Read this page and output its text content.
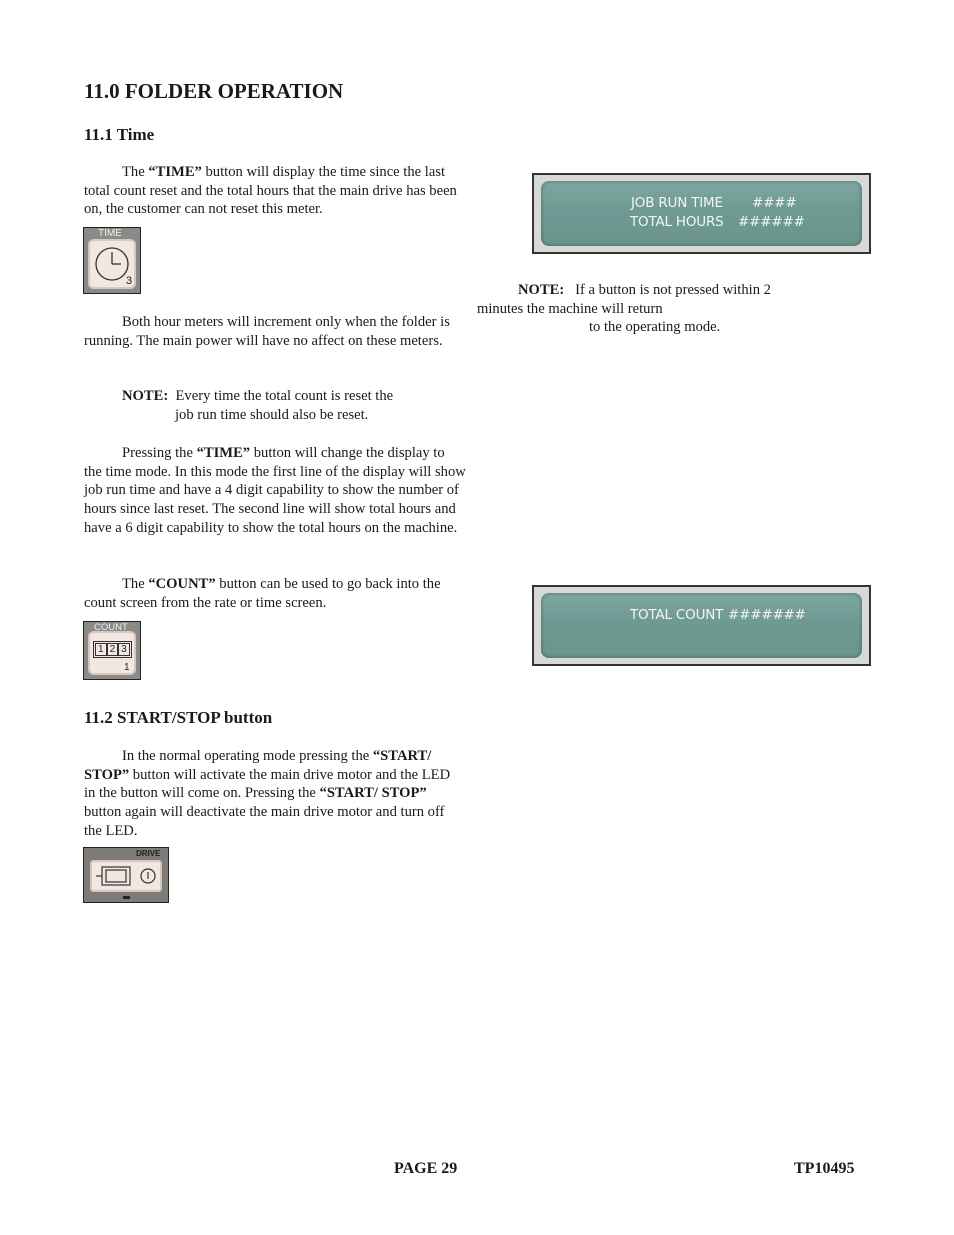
11.0 FOLDER OPERATION
11.1 Time

The “TIME” button will display the time since the last total count reset and the total hours that the main drive has been on, the customer can not reset this meter.

TIME
3

Both hour meters will increment only when the folder is running. The main power will have no affect on these meters.

NOTE: Every time the total count is reset the
job run time should also be reset.

Pressing the “TIME” button will change the display to the time mode. In this mode the first line of the display will show job run time and have a 4 digit capability to show the number of hours since last reset. The second line will show total hours and have a 6 digit capability to show the total hours on the machine.

The “COUNT” button can be used to go back into the count screen from the rate or time screen.

COUNT
1 2 3
1
11.2 START/STOP button

In the normal operating mode pressing the “START/ STOP” button will activate the main drive motor and the LED in the button will come on. Pressing the “START/ STOP” button again will deactivate the main drive motor and turn off the LED.

DRIVE
JOB RUN TIME ####
TOTAL HOURS ######
NOTE: If a button is not pressed within 2
minutes the machine will return
to the operating mode.
TOTAL COUNT #######
PAGE 29	TP10495
